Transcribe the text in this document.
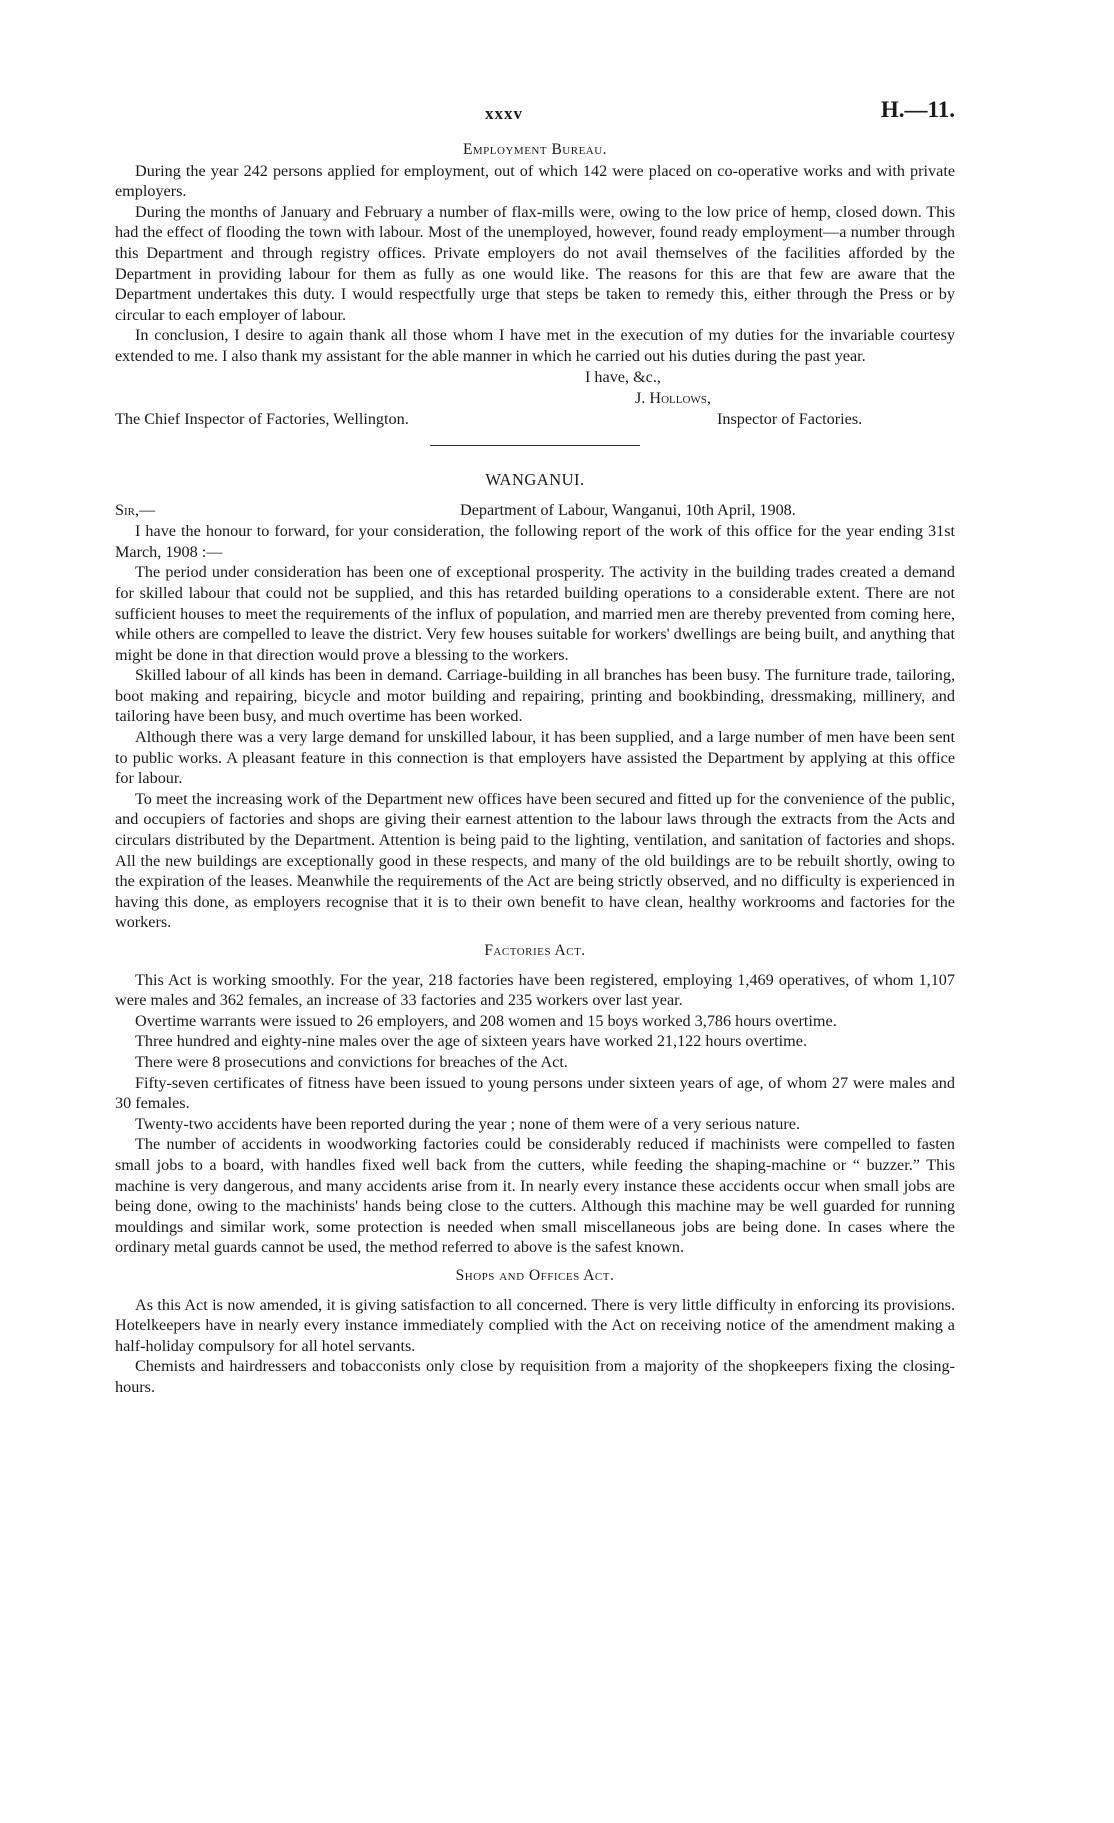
xxxv	H.—11.
Employment Bureau.

During the year 242 persons applied for employment, out of which 142 were placed on co-operative works and with private employers.

During the months of January and February a number of flax-mills were, owing to the low price of hemp, closed down. This had the effect of flooding the town with labour. Most of the unemployed, however, found ready employment—a number through this Department and through registry offices. Private employers do not avail themselves of the facilities afforded by the Department in providing labour for them as fully as one would like. The reasons for this are that few are aware that the Department undertakes this duty. I would respectfully urge that steps be taken to remedy this, either through the Press or by circular to each employer of labour.

In conclusion, I desire to again thank all those whom I have met in the execution of my duties for the invariable courtesy extended to me. I also thank my assistant for the able manner in which he carried out his duties during the past year.

I have, &c.,
J. Hollows,
The Chief Inspector of Factories, Wellington.	Inspector of Factories.
WANGANUI.
Sir,—	Department of Labour, Wanganui, 10th April, 1908.

I have the honour to forward, for your consideration, the following report of the work of this office for the year ending 31st March, 1908 :—

The period under consideration has been one of exceptional prosperity. The activity in the building trades created a demand for skilled labour that could not be supplied, and this has retarded building operations to a considerable extent. There are not sufficient houses to meet the requirements of the influx of population, and married men are thereby prevented from coming here, while others are compelled to leave the district. Very few houses suitable for workers' dwellings are being built, and anything that might be done in that direction would prove a blessing to the workers.

Skilled labour of all kinds has been in demand. Carriage-building in all branches has been busy. The furniture trade, tailoring, boot making and repairing, bicycle and motor building and repairing, printing and bookbinding, dressmaking, millinery, and tailoring have been busy, and much overtime has been worked.

Although there was a very large demand for unskilled labour, it has been supplied, and a large number of men have been sent to public works. A pleasant feature in this connection is that employers have assisted the Department by applying at this office for labour.

To meet the increasing work of the Department new offices have been secured and fitted up for the convenience of the public, and occupiers of factories and shops are giving their earnest attention to the labour laws through the extracts from the Acts and circulars distributed by the Department. Attention is being paid to the lighting, ventilation, and sanitation of factories and shops. All the new buildings are exceptionally good in these respects, and many of the old buildings are to be rebuilt shortly, owing to the expiration of the leases. Meanwhile the requirements of the Act are being strictly observed, and no difficulty is experienced in having this done, as employers recognise that it is to their own benefit to have clean, healthy workrooms and factories for the workers.

Factories Act.

This Act is working smoothly. For the year, 218 factories have been registered, employing 1,469 operatives, of whom 1,107 were males and 362 females, an increase of 33 factories and 235 workers over last year.

Overtime warrants were issued to 26 employers, and 208 women and 15 boys worked 3,786 hours overtime.

Three hundred and eighty-nine males over the age of sixteen years have worked 21,122 hours overtime.

There were 8 prosecutions and convictions for breaches of the Act.

Fifty-seven certificates of fitness have been issued to young persons under sixteen years of age, of whom 27 were males and 30 females.

Twenty-two accidents have been reported during the year ; none of them were of a very serious nature.

The number of accidents in woodworking factories could be considerably reduced if machinists were compelled to fasten small jobs to a board, with handles fixed well back from the cutters, while feeding the shaping-machine or “ buzzer.” This machine is very dangerous, and many accidents arise from it. In nearly every instance these accidents occur when small jobs are being done, owing to the machinists' hands being close to the cutters. Although this machine may be well guarded for running mouldings and similar work, some protection is needed when small miscellaneous jobs are being done. In cases where the ordinary metal guards cannot be used, the method referred to above is the safest known.

Shops and Offices Act.

As this Act is now amended, it is giving satisfaction to all concerned. There is very little difficulty in enforcing its provisions. Hotelkeepers have in nearly every instance immediately complied with the Act on receiving notice of the amendment making a half-holiday compulsory for all hotel servants.

Chemists and hairdressers and tobacconists only close by requisition from a majority of the shopkeepers fixing the closing-hours.
